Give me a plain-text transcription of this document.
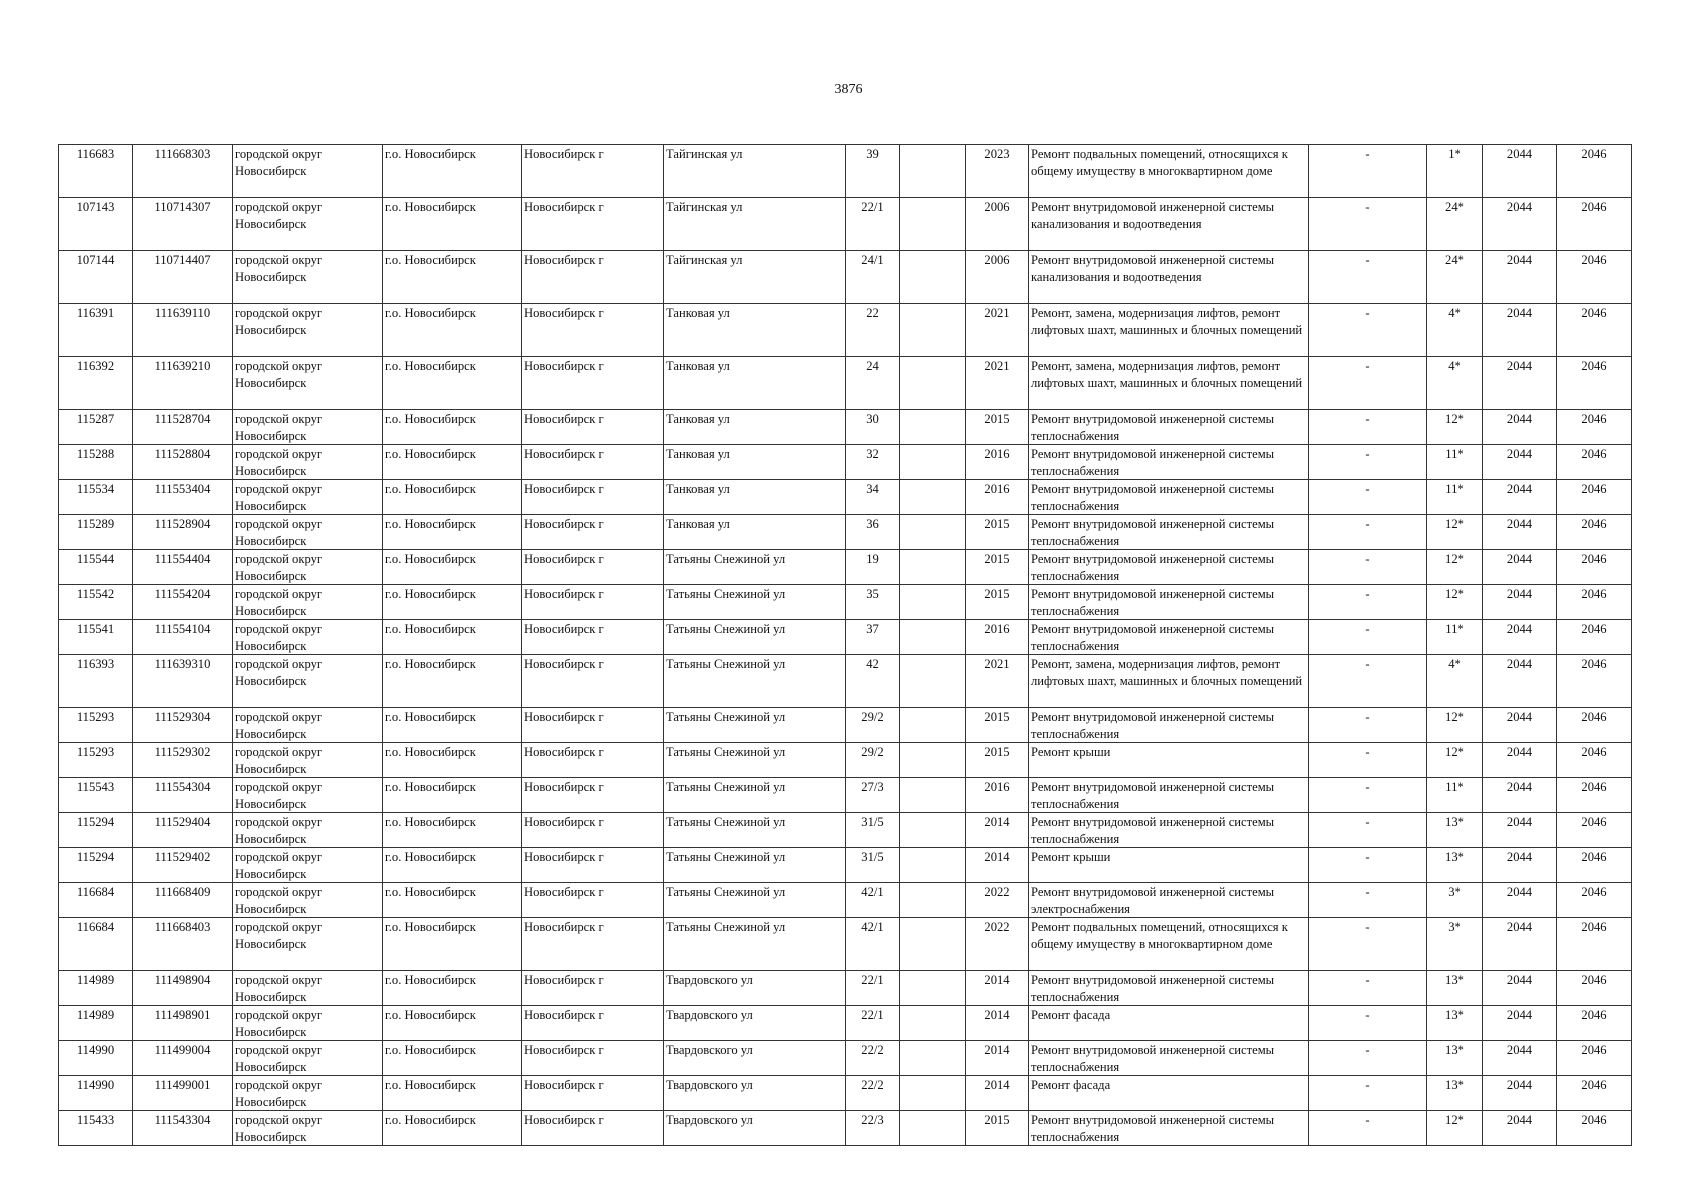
3876
116683	111668303	городской округ Новосибирск	г.о. Новосибирск	Новосибирск г	Тайгинская ул	39		2023	Ремонт подвальных помещений, относящихся к общему имуществу в многоквартирном доме	-	1*	2044	2046
107143	110714307	городской округ Новосибирск	г.о. Новосибирск	Новосибирск г	Тайгинская ул	22/1		2006	Ремонт внутридомовой инженерной системы канализования и водоотведения	-	24*	2044	2046
107144	110714407	городской округ Новосибирск	г.о. Новосибирск	Новосибирск г	Тайгинская ул	24/1		2006	Ремонт внутридомовой инженерной системы канализования и водоотведения	-	24*	2044	2046
116391	111639110	городской округ Новосибирск	г.о. Новосибирск	Новосибирск г	Танковая ул	22		2021	Ремонт, замена, модернизация лифтов, ремонт лифтовых шахт, машинных и блочных помещений	-	4*	2044	2046
116392	111639210	городской округ Новосибирск	г.о. Новосибирск	Новосибирск г	Танковая ул	24		2021	Ремонт, замена, модернизация лифтов, ремонт лифтовых шахт, машинных и блочных помещений	-	4*	2044	2046
115287	111528704	городской округ Новосибирск	г.о. Новосибирск	Новосибирск г	Танковая ул	30		2015	Ремонт внутридомовой инженерной системы теплоснабжения	-	12*	2044	2046
115288	111528804	городской округ Новосибирск	г.о. Новосибирск	Новосибирск г	Танковая ул	32		2016	Ремонт внутридомовой инженерной системы теплоснабжения	-	11*	2044	2046
115534	111553404	городской округ Новосибирск	г.о. Новосибирск	Новосибирск г	Танковая ул	34		2016	Ремонт внутридомовой инженерной системы теплоснабжения	-	11*	2044	2046
115289	111528904	городской округ Новосибирск	г.о. Новосибирск	Новосибирск г	Танковая ул	36		2015	Ремонт внутридомовой инженерной системы теплоснабжения	-	12*	2044	2046
115544	111554404	городской округ Новосибирск	г.о. Новосибирск	Новосибирск г	Татьяны Снежиной ул	19		2015	Ремонт внутридомовой инженерной системы теплоснабжения	-	12*	2044	2046
115542	111554204	городской округ Новосибирск	г.о. Новосибирск	Новосибирск г	Татьяны Снежиной ул	35		2015	Ремонт внутридомовой инженерной системы теплоснабжения	-	12*	2044	2046
115541	111554104	городской округ Новосибирск	г.о. Новосибирск	Новосибирск г	Татьяны Снежиной ул	37		2016	Ремонт внутридомовой инженерной системы теплоснабжения	-	11*	2044	2046
116393	111639310	городской округ Новосибирск	г.о. Новосибирск	Новосибирск г	Татьяны Снежиной ул	42		2021	Ремонт, замена, модернизация лифтов, ремонт лифтовых шахт, машинных и блочных помещений	-	4*	2044	2046
115293	111529304	городской округ Новосибирск	г.о. Новосибирск	Новосибирск г	Татьяны Снежиной ул	29/2		2015	Ремонт внутридомовой инженерной системы теплоснабжения	-	12*	2044	2046
115293	111529302	городской округ Новосибирск	г.о. Новосибирск	Новосибирск г	Татьяны Снежиной ул	29/2		2015	Ремонт крыши	-	12*	2044	2046
115543	111554304	городской округ Новосибирск	г.о. Новосибирск	Новосибирск г	Татьяны Снежиной ул	27/3		2016	Ремонт внутридомовой инженерной системы теплоснабжения	-	11*	2044	2046
115294	111529404	городской округ Новосибирск	г.о. Новосибирск	Новосибирск г	Татьяны Снежиной ул	31/5		2014	Ремонт внутридомовой инженерной системы теплоснабжения	-	13*	2044	2046
115294	111529402	городской округ Новосибирск	г.о. Новосибирск	Новосибирск г	Татьяны Снежиной ул	31/5		2014	Ремонт крыши	-	13*	2044	2046
116684	111668409	городской округ Новосибирск	г.о. Новосибирск	Новосибирск г	Татьяны Снежиной ул	42/1		2022	Ремонт внутридомовой инженерной системы электроснабжения	-	3*	2044	2046
116684	111668403	городской округ Новосибирск	г.о. Новосибирск	Новосибирск г	Татьяны Снежиной ул	42/1		2022	Ремонт подвальных помещений, относящихся к общему имуществу в многоквартирном доме	-	3*	2044	2046
114989	111498904	городской округ Новосибирск	г.о. Новосибирск	Новосибирск г	Твардовского ул	22/1		2014	Ремонт внутридомовой инженерной системы теплоснабжения	-	13*	2044	2046
114989	111498901	городской округ Новосибирск	г.о. Новосибирск	Новосибирск г	Твардовского ул	22/1		2014	Ремонт фасада	-	13*	2044	2046
114990	111499004	городской округ Новосибирск	г.о. Новосибирск	Новосибирск г	Твардовского ул	22/2		2014	Ремонт внутридомовой инженерной системы теплоснабжения	-	13*	2044	2046
114990	111499001	городской округ Новосибирск	г.о. Новосибирск	Новосибирск г	Твардовского ул	22/2		2014	Ремонт фасада	-	13*	2044	2046
115433	111543304	городской округ Новосибирск	г.о. Новосибирск	Новосибирск г	Твардовского ул	22/3		2015	Ремонт внутридомовой инженерной системы теплоснабжения	-	12*	2044	2046
